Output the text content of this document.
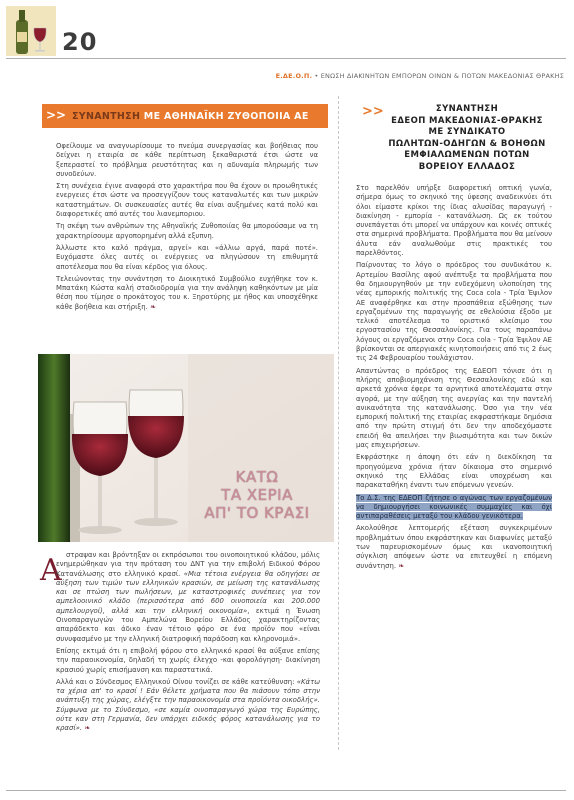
20
Ε.ΔΕ.Ο.Π. • ΕΝΩΣΗ ΔΙΑΚΙΝΗΤΩΝ ΕΜΠΟΡΩΝ ΟΙΝΩΝ & ΠΟΤΩΝ ΜΑΚΕΔΟΝΙΑΣ ΘΡΑΚΗΣ
>> ΣΥΝΑΝΤΗΣΗ ΜΕ ΑΘΗΝΑΪΚΗ ΖΥΘΟΠΟΙΙΑ ΑΕ

Οφείλουμε να αναγνωρίσουμε το πνεύμα συνεργασίας και βοήθειας που δείχνει η εταιρία σε κάθε περίπτωση ξεκαθαριστά έτσι ώστε να ξεπεραστεί το πρόβλημα ρευστότητας και η αδυναμία πληρωμής των συνοδεύων.

Στη συνέχεια έγινε αναφορά στο χαρακτήρα που θα έχουν οι προωθητικές ενεργειες έτσι ώστε να προσεγγίζουν τους καταναλωτές και των μικρών καταστημάτων. Οι συσκευασίες αυτές θα είναι αυξημένες κατά πολύ και διαφορετικές από αυτές του λιανεμποριου.

Τη σκέψη των ανθρώπων της Αθηναϊκής Ζυθοποιίας θα μπορούσαμε να τη χαρακτηρίσουμε αργοπορημένη αλλά εξυπνη.

Άλλωστε κτο καλό πράγμα, αργεί» και «άλλιω αργά, παρά ποτέ». Ευχόμαστε όλες αυτές οι ενέργειες να πληγώσουν τη επιθυμητά αποτέλεσμα που θα είναι κέρδος για όλους.

Τελειώνοντας την συνάντηση το Διοικητικό Συμβούλιο ευχήθηκε τον κ. Μπατάκη Κώστα καλή σταδιοδρομία για την ανάληψη καθηκόντων με μία θέση που τίμησε ο προκάτοχος του κ. Ξηροτύρης με ήθος και υποσχέθηκε κάθε βοήθεια και στήριξη. ❧

ΚΑΤΩ
ΤΑ ΧΕΡΙΑ
ΑΠ' ΤΟ ΚΡΑΣΙ
Α στραψαν και βρόντηξαν οι εκπρόσωποι του οινοποιητικού κλάδου, μόλις ενημερώθηκαν για την πρόταση του ΔΝΤ για την επιβολή Ειδικού Φόρου Κατανάλωσης στο ελληνικό κρασί. «Μια τέτοια ενέργεια θα οδηγήσει σε αύξηση των τιμών των ελληνικών κρασιών, σε μείωση της κατανάλωσης και σε πτώση των πωλήσεων, με καταστροφικές συνέπειες για τον αμπελοοινικό κλάδο (περισσότερα από 600 οινοποιεία και 200.000 αμπελουργοί), αλλά και την ελληνική οικονομία», εκτιμά η Ένωση Οινοπαραγωγών του Αμπελώνα Βορείου Ελλάδος χαρακτηρίζοντας απαράδεκτο και άδικο έναν τέτοιο φόρο σε ένα προϊόν που «είναι συνυφασμένο με την ελληνική διατροφική παράδοση και κληρονομιά».

Επίσης εκτιμά ότι η επιβολή φόρου στο ελληνικό κρασί θα αύξανε επίσης την παραοικονομία, δηλαδή τη χωρίς έλεγχο -και φορολόγηση- διακίνηση κρασιού χωρίς επισήμανση και παραστατικά.

Αλλά και ο Σύνδεσμος Ελληνικού Οίνου τονίζει σε κάθε κατεύθυνση: «Κάτω τα χέρια απ' το κρασί ! Εάν θέλετε χρήματα που θα πιάσουν τόπο στην ανάπτυξη της χώρας, ελέγξτε την παραοικονομία στα προϊόντα οικοδλής». Σύμφωνα με το Σύνδεσμο, «σε καμία οινοπαραγωγό χώρα της Ευρώπης, ούτε καν στη Γερμανία, δεν υπάρχει ειδικός φόρος κατανάλωσης για το κρασί». ❧

>>	ΣΥΝΑΝΤΗΣΗ
ΕΔΕΟΠ ΜΑΚΕΔΟΝΙΑΣ-ΘΡΑΚΗΣ
ΜΕ ΣΥΝΔΙΚΑΤΟ
ΠΩΛΗΤΩΝ-ΟΔΗΓΩΝ & ΒΟΗΘΩΝ
ΕΜΦΙΑΛΩΜΕΝΩΝ ΠΟΤΩΝ
ΒΟΡΕΙΟΥ ΕΛΛΑΔΟΣ

Στο παρελθόν υπήρξε διαφορετική οπτική γωνία, σήμερα όμως το σκηνικό της ύφεσης αναδεικνύει ότι όλοι είμαστε κρίκοι της ίδιας αλυσίδας παραγωγή - διακίνηση - εμπορία - κατανάλωση. Ως εκ τούτου συνεπάγεται ότι μπορεί να υπάρχουν και κοινές οπτικές στα σημερινά προβλήματα. Προβλήματα που θα μείνουν άλυτα εάν αναλωθούμε στις πρακτικές του παρελθόντος.

Παίρνοντας το λόγο ο πρόεδρος του συνδικάτου κ. Αρτεμίου Βασίλης αφού ανέπτυξε τα προβλήματα που θα δημιουργηθούν με την ενδεχόμενη υλοποίηση της νέας εμπορικής πολιτικής της Coca cola - Τρία Έψιλον ΑΕ αναφέρθηκε και στην προσπάθεια εξώθησης των εργαζομένων της παραγωγής σε εθελούσια έξοδο με τελικό αποτέλεσμα το οριστικό κλείσιμο του εργοστασίου της Θεσσαλονίκης. Για τους παραπάνω λόγους οι εργαζόμενοι στην Coca cola - Τρία Έψιλον ΑΕ βρίσκονται σε απεργιακές κινητοποιήσεις από τις 2 έως τις 24 Φεβρουαρίου τουλάχιστον.

Απαντώντας ο πρόεδρος της ΕΔΕΟΠ τόνισε ότι η πλήρης αποβιομηχάνιση της Θεσσαλονίκης εδώ και αρκετά χρόνια έφερε τα αρνητικά αποτελέσματα στην αγορά, με την αύξηση της ανεργίας και την παντελή ανικανότητα της κατανάλωσης. Όσο για την νέα εμπορική πολιτική της εταιρίας εκφραστήκαμε δημόσια από την πρώτη στιγμή ότι δεν την αποδεχόμαστε επειδή θα απειλήσει την βιωσιμότητα και των δικών μας επιχειρήσεων.

Εκφράστηκε η άποψη ότι εάν η διεκδίκηση τα προηγούμενα χρόνια ήταν δίκαιομα στο σημερινό σκηνικό της Ελλάδας είναι υποχρέωση και παρακαταθήκη έναντι των επόμενων γενεών.

Το Δ.Σ. της ΕΔΕΟΠ ζήτησε ο αγώνας των εργαζομένων να δημιουργήσει κοινωνικές συμμαχίες και όχι αντιπαραθέσεις μεταξύ του κλάδου γενικότερα.

Ακολούθησε λεπτομερής εξέταση συγκεκριμένων προβλημάτων όπου εκφράστηκαν και διαφωνίες μεταξύ των παρευρισκομένων όμως και ικανοποιητική σύγκλιση απόψεων ώστε να επιτευχθεί η επόμενη συνάντηση. ❧
